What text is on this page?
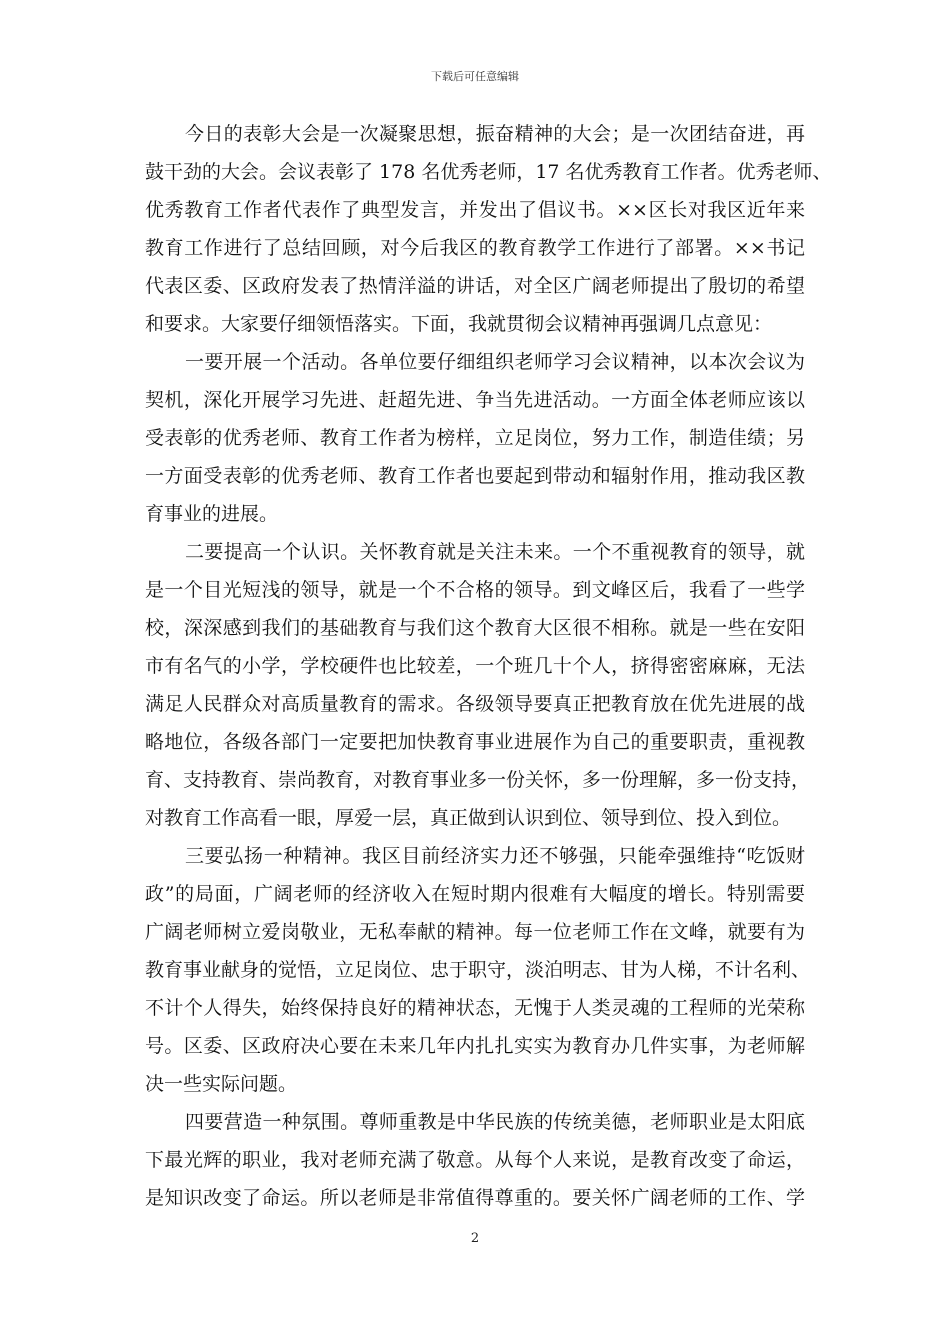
下载后可任意编辑
今日的表彰大会是一次凝聚思想，振奋精神的大会；是一次团结奋进，再
鼓干劲的大会。会议表彰了 178 名优秀老师，17 名优秀教育工作者。优秀老师、
优秀教育工作者代表作了典型发言，并发出了倡议书。××区长对我区近年来
教育工作进行了总结回顾，对今后我区的教育教学工作进行了部署。××书记
代表区委、区政府发表了热情洋溢的讲话，对全区广阔老师提出了殷切的希望
和要求。大家要仔细领悟落实。下面，我就贯彻会议精神再强调几点意见：
一要开展一个活动。各单位要仔细组织老师学习会议精神，以本次会议为
契机，深化开展学习先进、赶超先进、争当先进活动。一方面全体老师应该以
受表彰的优秀老师、教育工作者为榜样，立足岗位，努力工作，制造佳绩；另
一方面受表彰的优秀老师、教育工作者也要起到带动和辐射作用，推动我区教
育事业的进展。
二要提高一个认识。关怀教育就是关注未来。一个不重视教育的领导，就
是一个目光短浅的领导，就是一个不合格的领导。到文峰区后，我看了一些学
校，深深感到我们的基础教育与我们这个教育大区很不相称。就是一些在安阳
市有名气的小学，学校硬件也比较差，一个班几十个人，挤得密密麻麻，无法
满足人民群众对高质量教育的需求。各级领导要真正把教育放在优先进展的战
略地位，各级各部门一定要把加快教育事业进展作为自己的重要职责，重视教
育、支持教育、崇尚教育，对教育事业多一份关怀，多一份理解，多一份支持，
对教育工作高看一眼，厚爱一层，真正做到认识到位、领导到位、投入到位。
三要弘扬一种精神。我区目前经济实力还不够强，只能牵强维持“吃饭财
政”的局面，广阔老师的经济收入在短时期内很难有大幅度的增长。特别需要
广阔老师树立爱岗敬业，无私奉献的精神。每一位老师工作在文峰，就要有为
教育事业献身的觉悟，立足岗位、忠于职守，淡泊明志、甘为人梯，不计名利、
不计个人得失，始终保持良好的精神状态，无愧于人类灵魂的工程师的光荣称
号。区委、区政府决心要在未来几年内扎扎实实为教育办几件实事，为老师解
决一些实际问题。
四要营造一种氛围。尊师重教是中华民族的传统美德，老师职业是太阳底
下最光辉的职业，我对老师充满了敬意。从每个人来说，是教育改变了命运，
是知识改变了命运。所以老师是非常值得尊重的。要关怀广阔老师的工作、学
2
